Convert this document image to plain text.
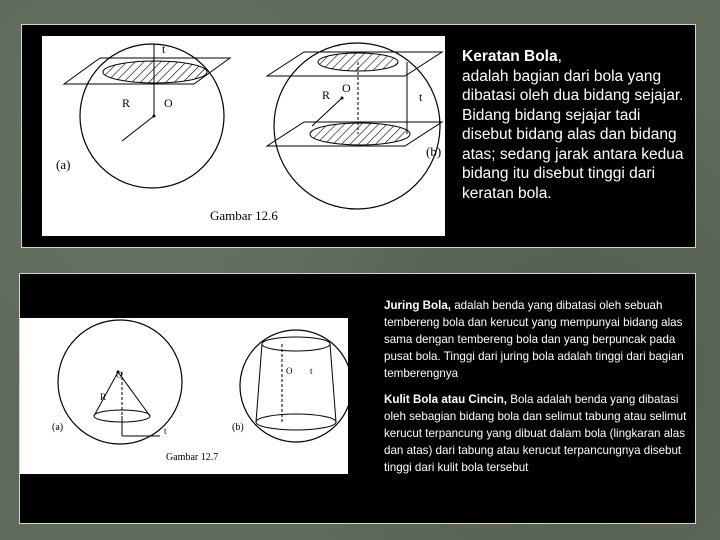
t
R	O
R O
t
(a)
(b)
Gambar 12.6
Keratan Bola,
adalah bagian dari bola yang dibatasi oleh dua bidang sejajar. Bidang bidang sejajar tadi disebut bidang alas dan bidang atas; sedang jarak antara kedua bidang itu disebut tinggi dari keratan bola.
O
R
t
O t
(a)	(b)
Gambar 12.7

Juring Bola, adalah benda yang dibatasi oleh sebuah tembereng bola dan kerucut yang mempunyai bidang alas sama dengan tembereng bola dan yang berpuncak pada pusat bola. Tinggi dari juring bola adalah tinggi dari bagian temberengnya

Kulit Bola atau Cincin, Bola adalah benda yang dibatasi oleh sebagian bidang bola dan selimut tabung atau selimut kerucut terpancung yang dibuat dalam bola (lingkaran alas dan atas) dari tabung atau kerucut terpancungnya disebut tinggi dari kulit bola tersebut
